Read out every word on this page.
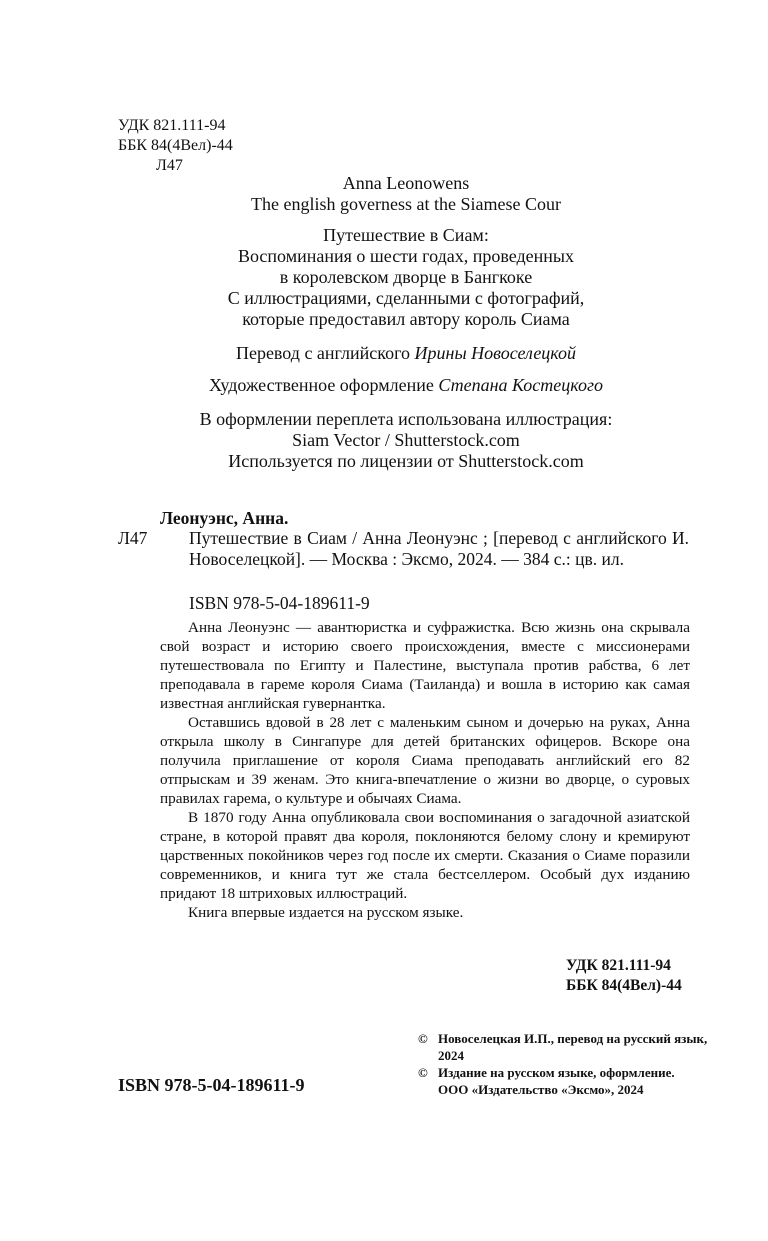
УДК 821.111-94
ББК 84(4Вел)-44
Л47
Anna Leonowens
The english governess at the Siamese Cour
Путешествие в Сиам:
Воспоминания о шести годах, проведенных
в королевском дворце в Бангкоке
С иллюстрациями, сделанными с фотографий,
которые предоставил автору король Сиама
Перевод с английского Ирины Новоселецкой
Художественное оформление Степана Костецкого
В оформлении переплета использована иллюстрация:
Siam Vector / Shutterstock.com
Используется по лицензии от Shutterstock.com
Леонуэнс, Анна.
Л47 Путешествие в Сиам / Анна Леонуэнс ; [перевод с английского И. Новоселецкой]. — Москва : Эксмо, 2024. — 384 с.: цв. ил.
ISBN 978-5-04-189611-9

Анна Леонуэнс — авантюристка и суфражистка. Всю жизнь она скрывала свой возраст и историю своего происхождения, вместе с миссионерами путешествовала по Египту и Палестине, выступала против рабства, 6 лет преподавала в гареме короля Сиама (Таиланда) и вошла в историю как самая известная английская гувернантка.

Оставшись вдовой в 28 лет с маленьким сыном и дочерью на руках, Анна открыла школу в Сингапуре для детей британских офицеров. Вскоре она получила приглашение от короля Сиама преподавать английский его 82 отпрыскам и 39 женам. Это книга-впечатление о жизни во дворце, о суровых правилах гарема, о культуре и обычаях Сиама.

В 1870 году Анна опубликовала свои воспоминания о загадочной азиатской стране, в которой правят два короля, поклоняются белому слону и кремируют царственных покойников через год после их смерти. Сказания о Сиаме поразили современников, и книга тут же стала бестселлером. Особый дух изданию придают 18 штриховых иллюстраций.

Книга впервые издается на русском языке.

УДК 821.111-94
ББК 84(4Вел)-44
© Новоселецкая И.П., перевод на русский язык, 2024
© Издание на русском языке, оформление. ООО «Издательство «Эксмо», 2024
ISBN 978-5-04-189611-9
